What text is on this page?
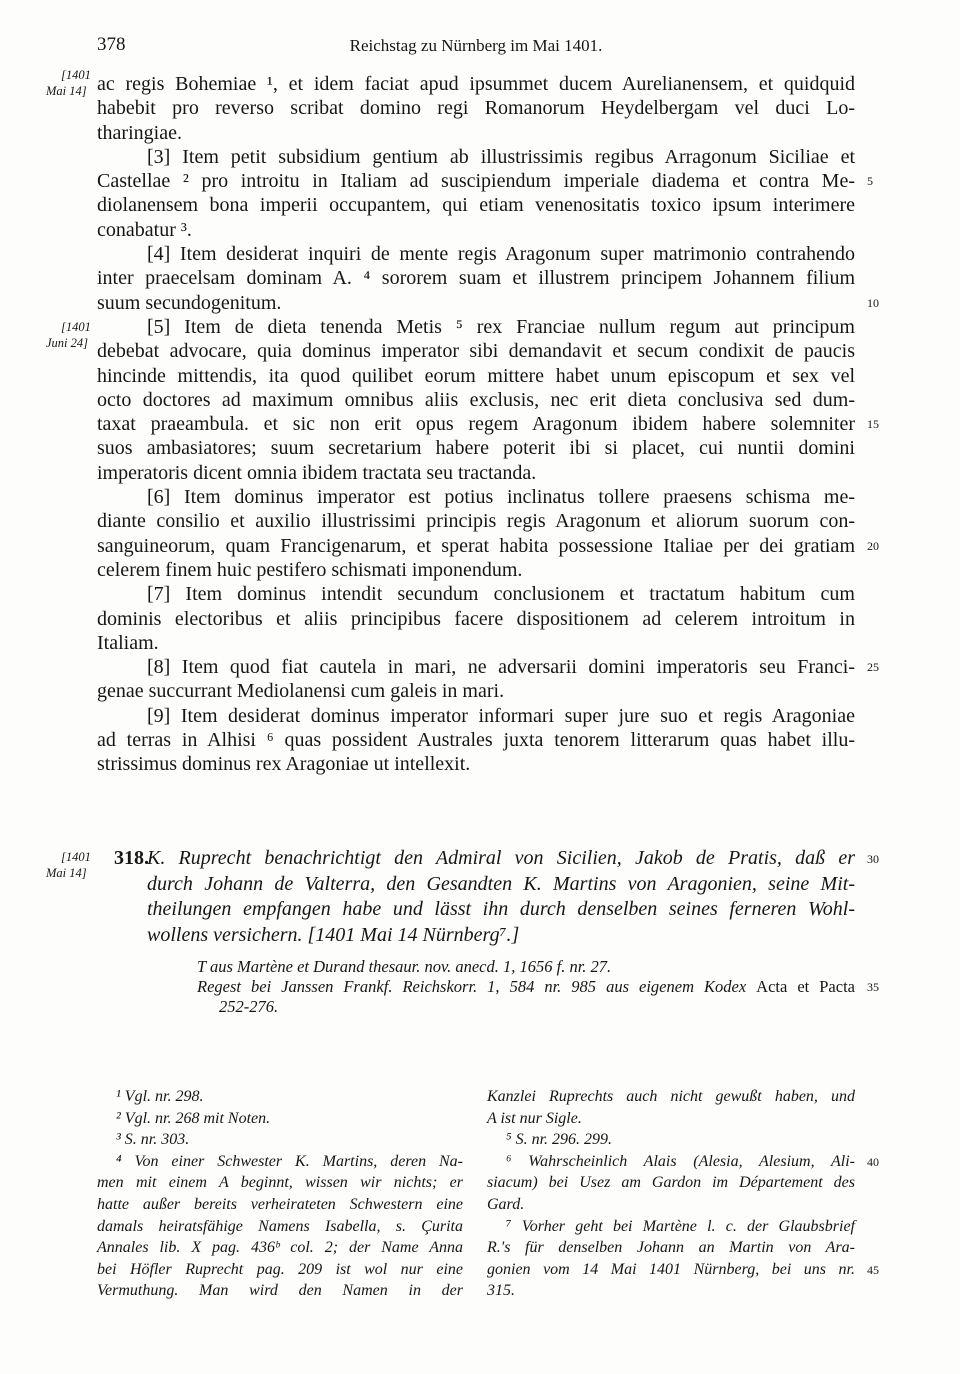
378	Reichstag zu Nürnberg im Mai 1401.
[1401
Mai 14]
[1401
Juni 24]
[1401
Mai 14]
ac regis Bohemiae ¹, et idem faciat apud ipsummet ducem Aurelianensem, et quidquid
habebit pro reverso scribat domino regi Romanorum Heydelbergam vel duci Lo-
tharingiae.
[3] Item petit subsidium gentium ab illustrissimis regibus Arragonum Siciliae et
Castellae ² pro introitu in Italiam ad suscipiendum imperiale diadema et contra Me- 5
diolanensem bona imperii occupantem, qui etiam venenositatis toxico ipsum interimere
conabatur ³.
[4] Item desiderat inquiri de mente regis Aragonum super matrimonio contrahendo
inter praecelsam dominam A. ⁴ sororem suam et illustrem principem Johannem filium
suum secundogenitum.	10
[5] Item de dieta tenenda Metis ⁵ rex Franciae nullum regum aut principum
debebat advocare, quia dominus imperator sibi demandavit et secum condixit de paucis
hincinde mittendis, ita quod quilibet eorum mittere habet unum episcopum et sex vel
octo doctores ad maximum omnibus aliis exclusis, nec erit dieta conclusiva sed dum-
taxat praeambula. et sic non erit opus regem Aragonum ibidem habere solemniter 15
suos ambasiatores; suum secretarium habere poterit ibi si placet, cui nuntii domini
imperatoris dicent omnia ibidem tractata seu tractanda.
[6] Item dominus imperator est potius inclinatus tollere praesens schisma me-
diante consilio et auxilio illustrissimi principis regis Aragonum et aliorum suorum con-
sanguineorum, quam Francigenarum, et sperat habita possessione Italiae per dei gratiam 20
celerem finem huic pestifero schismati imponendum.
[7] Item dominus intendit secundum conclusionem et tractatum habitum cum
dominis electoribus et aliis principibus facere dispositionem ad celerem introitum in
Italiam.
[8] Item quod fiat cautela in mari, ne adversarii domini imperatoris seu Franci- 25
genae succurrant Mediolanensi cum galeis in mari.
[9] Item desiderat dominus imperator informari super jure suo et regis Aragoniae
ad terras in Alhisi ⁶ quas possident Australes juxta tenorem litterarum quas habet illu-
strissimus dominus rex Aragoniae ut intellexit.
318.
K. Ruprecht benachrichtigt den Admiral von Sicilien, Jakob de Pratis, daß er 30
durch Johann de Valterra, den Gesandten K. Martins von Aragonien, seine Mit-
theilungen empfangen habe und lässt ihn durch denselben seines ferneren Wohl-
wollens versichern. [1401 Mai 14 Nürnberg⁷.]
T aus Martène et Durand thesaur. nov. anecd. 1, 1656 f. nr. 27.
Regest bei Janssen Frankf. Reichskorr. 1, 584 nr. 985 aus eigenem Kodex Acta et Pacta 35
252-276.
¹ Vgl. nr. 298.
² Vgl. nr. 268 mit Noten.
³ S. nr. 303.
⁴ Von einer Schwester K. Martins, deren Na-
men mit einem A beginnt, wissen wir nichts; er
hatte außer bereits verheirateten Schwestern eine
damals heiratsfähige Namens Isabella, s. Çurita
Annales lib. X pag. 436ᵇ col. 2; der Name Anna
bei Höfler Ruprecht pag. 209 ist wol nur eine
Vermuthung. Man wird den Namen in der
Kanzlei Ruprechts auch nicht gewußt haben, und
A ist nur Sigle.
⁵ S. nr. 296. 299.
⁶ Wahrscheinlich Alais (Alesia, Alesium, Ali- 40
siacum) bei Usez am Gardon im Département des
Gard.
⁷ Vorher geht bei Martène l. c. der Glaubsbrief
R.'s für denselben Johann an Martin von Ara-
gonien vom 14 Mai 1401 Nürnberg, bei uns nr. 45
315.
